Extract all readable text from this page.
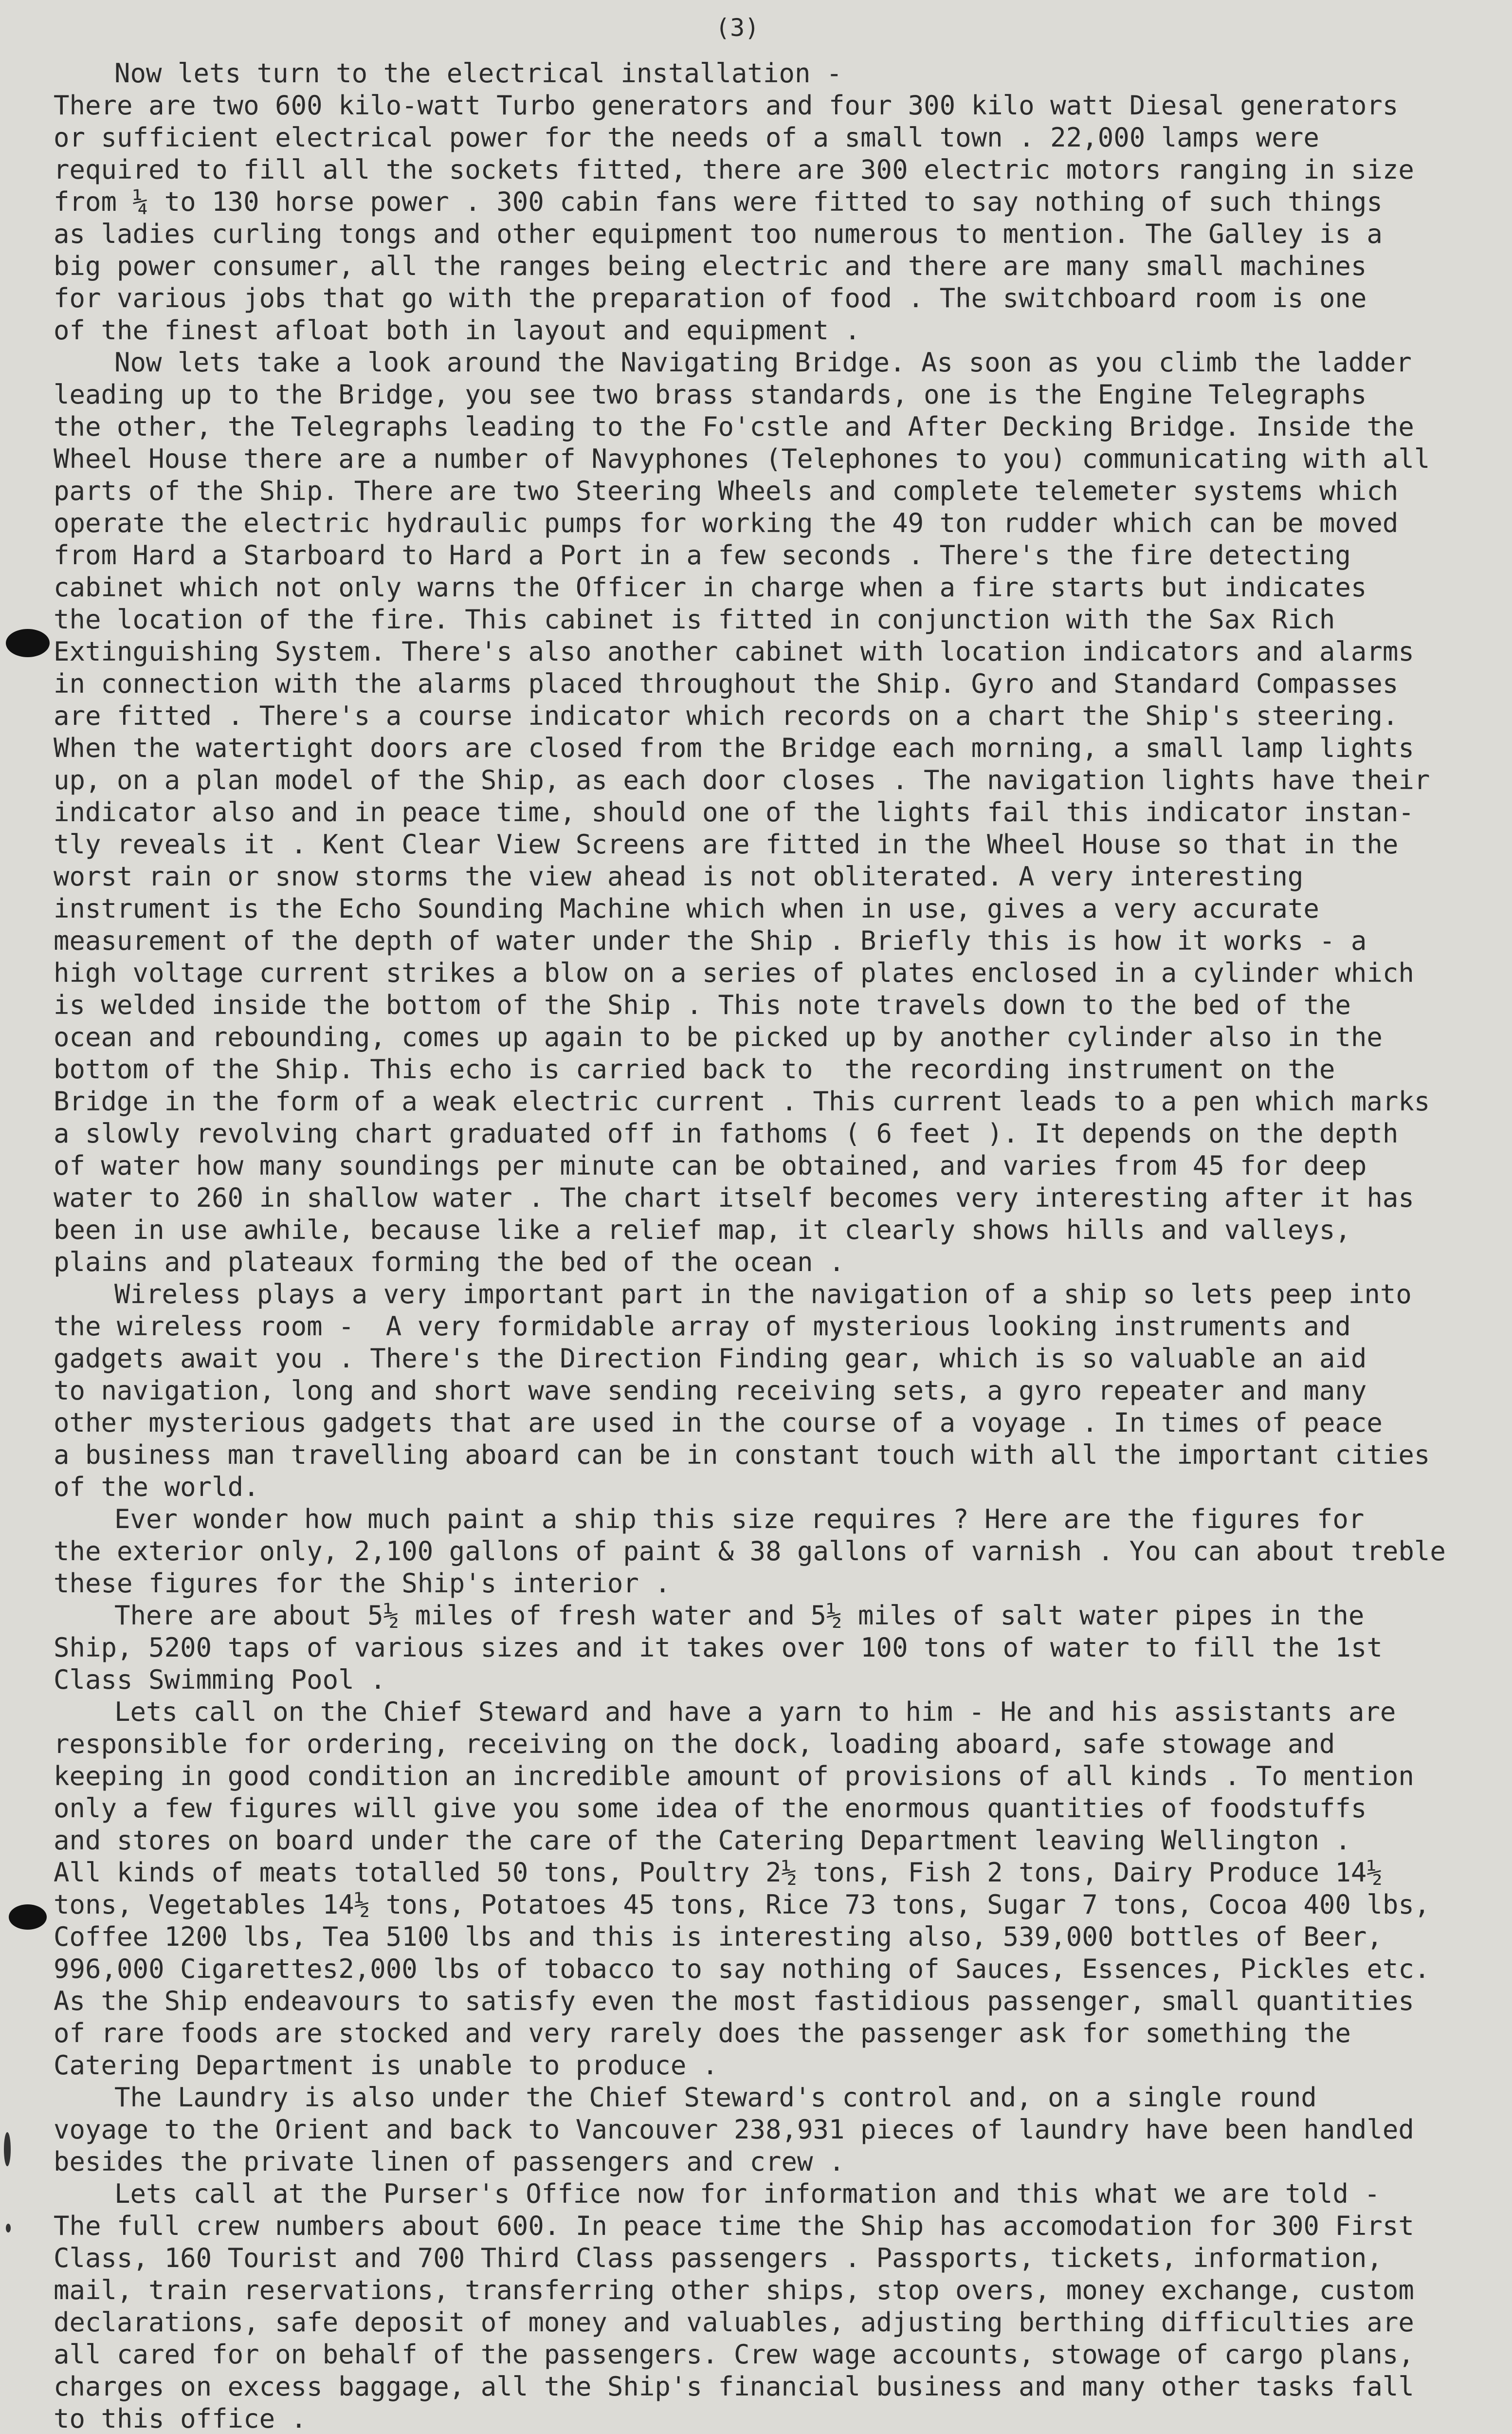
(3)
Now lets turn to the electrical installation -
There are two 600 kilo-watt Turbo generators and four 300 kilo watt Diesal generators
or sufficient electrical power for the needs of a small town . 22,000 lamps were
required to fill all the sockets fitted, there are 300 electric motors ranging in size
from ¼ to 130 horse power . 300 cabin fans were fitted to say nothing of such things
as ladies curling tongs and other equipment too numerous to mention. The Galley is a
big power consumer, all the ranges being electric and there are many small machines
for various jobs that go with the preparation of food . The switchboard room is one
of the finest afloat both in layout and equipment .
Now lets take a look around the Navigating Bridge. As soon as you climb the ladder
leading up to the Bridge, you see two brass standards, one is the Engine Telegraphs
the other, the Telegraphs leading to the Fo'cstle and After Decking Bridge. Inside the
Wheel House there are a number of Navyphones (Telephones to you) communicating with all
parts of the Ship. There are two Steering Wheels and complete telemeter systems which
operate the electric hydraulic pumps for working the 49 ton rudder which can be moved
from Hard a Starboard to Hard a Port in a few seconds . There's the fire detecting
cabinet which not only warns the Officer in charge when a fire starts but indicates
the location of the fire. This cabinet is fitted in conjunction with the Sax Rich
Extinguishing System. There's also another cabinet with location indicators and alarms
in connection with the alarms placed throughout the Ship. Gyro and Standard Compasses
are fitted . There's a course indicator which records on a chart the Ship's steering.
When the watertight doors are closed from the Bridge each morning, a small lamp lights
up, on a plan model of the Ship, as each door closes . The navigation lights have their
indicator also and in peace time, should one of the lights fail this indicator instan-
tly reveals it . Kent Clear View Screens are fitted in the Wheel House so that in the
worst rain or snow storms the view ahead is not obliterated. A very interesting
instrument is the Echo Sounding Machine which when in use, gives a very accurate
measurement of the depth of water under the Ship . Briefly this is how it works - a
high voltage current strikes a blow on a series of plates enclosed in a cylinder which
is welded inside the bottom of the Ship . This note travels down to the bed of the
ocean and rebounding, comes up again to be picked up by another cylinder also in the
bottom of the Ship. This echo is carried back to  the recording instrument on the
Bridge in the form of a weak electric current . This current leads to a pen which marks
a slowly revolving chart graduated off in fathoms ( 6 feet ). It depends on the depth
of water how many soundings per minute can be obtained, and varies from 45 for deep
water to 260 in shallow water . The chart itself becomes very interesting after it has
been in use awhile, because like a relief map, it clearly shows hills and valleys,
plains and plateaux forming the bed of the ocean .
Wireless plays a very important part in the navigation of a ship so lets peep into
the wireless room -  A very formidable array of mysterious looking instruments and
gadgets await you . There's the Direction Finding gear, which is so valuable an aid
to navigation, long and short wave sending receiving sets, a gyro repeater and many
other mysterious gadgets that are used in the course of a voyage . In times of peace
a business man travelling aboard can be in constant touch with all the important cities
of the world.
Ever wonder how much paint a ship this size requires ? Here are the figures for
the exterior only, 2,100 gallons of paint & 38 gallons of varnish . You can about treble
these figures for the Ship's interior .
There are about 5½ miles of fresh water and 5½ miles of salt water pipes in the
Ship, 5200 taps of various sizes and it takes over 100 tons of water to fill the 1st
Class Swimming Pool .
Lets call on the Chief Steward and have a yarn to him - He and his assistants are
responsible for ordering, receiving on the dock, loading aboard, safe stowage and
keeping in good condition an incredible amount of provisions of all kinds . To mention
only a few figures will give you some idea of the enormous quantities of foodstuffs
and stores on board under the care of the Catering Department leaving Wellington .
All kinds of meats totalled 50 tons, Poultry 2½ tons, Fish 2 tons, Dairy Produce 14½
tons, Vegetables 14½ tons, Potatoes 45 tons, Rice 73 tons, Sugar 7 tons, Cocoa 400 lbs,
Coffee 1200 lbs, Tea 5100 lbs and this is interesting also, 539,000 bottles of Beer,
996,000 Cigarettes2,000 lbs of tobacco to say nothing of Sauces, Essences, Pickles etc.
As the Ship endeavours to satisfy even the most fastidious passenger, small quantities
of rare foods are stocked and very rarely does the passenger ask for something the
Catering Department is unable to produce .
The Laundry is also under the Chief Steward's control and, on a single round
voyage to the Orient and back to Vancouver 238,931 pieces of laundry have been handled
besides the private linen of passengers and crew .
Lets call at the Purser's Office now for information and this what we are told -
The full crew numbers about 600. In peace time the Ship has accomodation for 300 First
Class, 160 Tourist and 700 Third Class passengers . Passports, tickets, information,
mail, train reservations, transferring other ships, stop overs, money exchange, custom
declarations, safe deposit of money and valuables, adjusting berthing difficulties are
all cared for on behalf of the passengers. Crew wage accounts, stowage of cargo plans,
charges on excess baggage, all the Ship's financial business and many other tasks fall
to this office .
